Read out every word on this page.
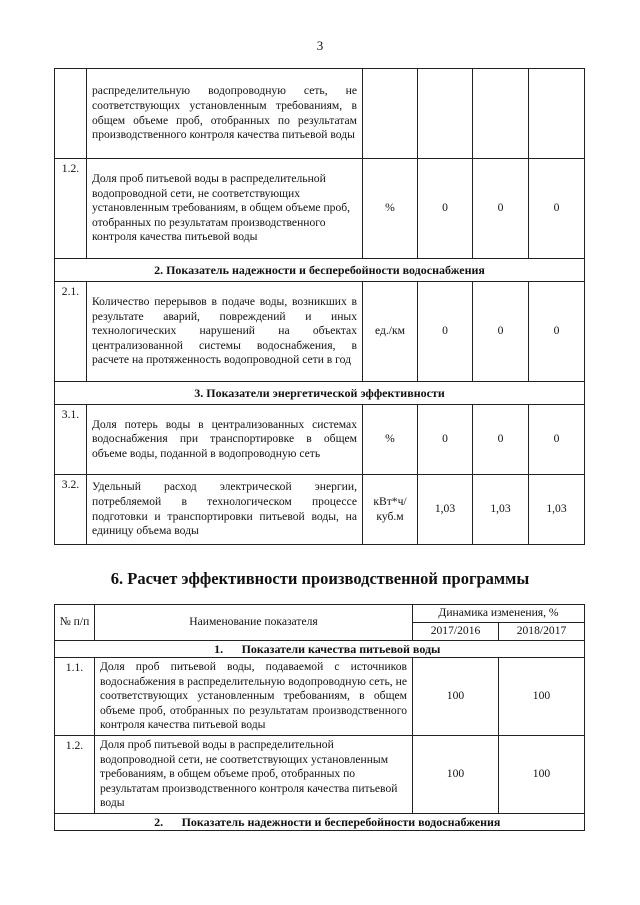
3
	распределительную водопроводную сеть, не соответствующих установленным требованиям, в общем объеме проб, отобранных по результатам производственного контроля качества питьевой воды				
1.2.	Доля проб питьевой воды в распределительной водопроводной сети, не соответствующих установленным требованиям, в общем объеме проб, отобранных по результатам производственного контроля качества питьевой воды	%	0	0	0
2. Показатель надежности и бесперебойности водоснабжения					
2.1.	Количество перерывов в подаче воды, возникших в результате аварий, повреждений и иных технологических нарушений на объектах централизованной системы водоснабжения, в расчете на протяженность водопроводной сети в год	ед./км	0	0	0
3. Показатели энергетической эффективности					
3.1.	Доля потерь воды в централизованных системах водоснабжения при транспортировке в общем объеме воды, поданной в водопроводную сеть	%	0	0	0
3.2.	Удельный расход электрической энергии, потребляемой в технологическом процессе подготовки и транспортировки питьевой воды, на единицу объема воды	кВт*ч/ куб.м	1,03	1,03	1,03
6. Расчет эффективности производственной программы
№ п/п	Наименование показателя	Динамика изменения, %	
		2017/2016	2018/2017
1. Показатели качества питьевой воды			
1.1.	Доля проб питьевой воды, подаваемой с источников водоснабжения в распределительную водопроводную сеть, не соответствующих установленным требованиям, в общем объеме проб, отобранных по результатам производственного контроля качества питьевой воды	100	100
1.2.	Доля проб питьевой воды в распределительной водопроводной сети, не соответствующих установленным требованиям, в общем объеме проб, отобранных по результатам производственного контроля качества питьевой воды	100	100
2. Показатель надежности и бесперебойности водоснабжения			
